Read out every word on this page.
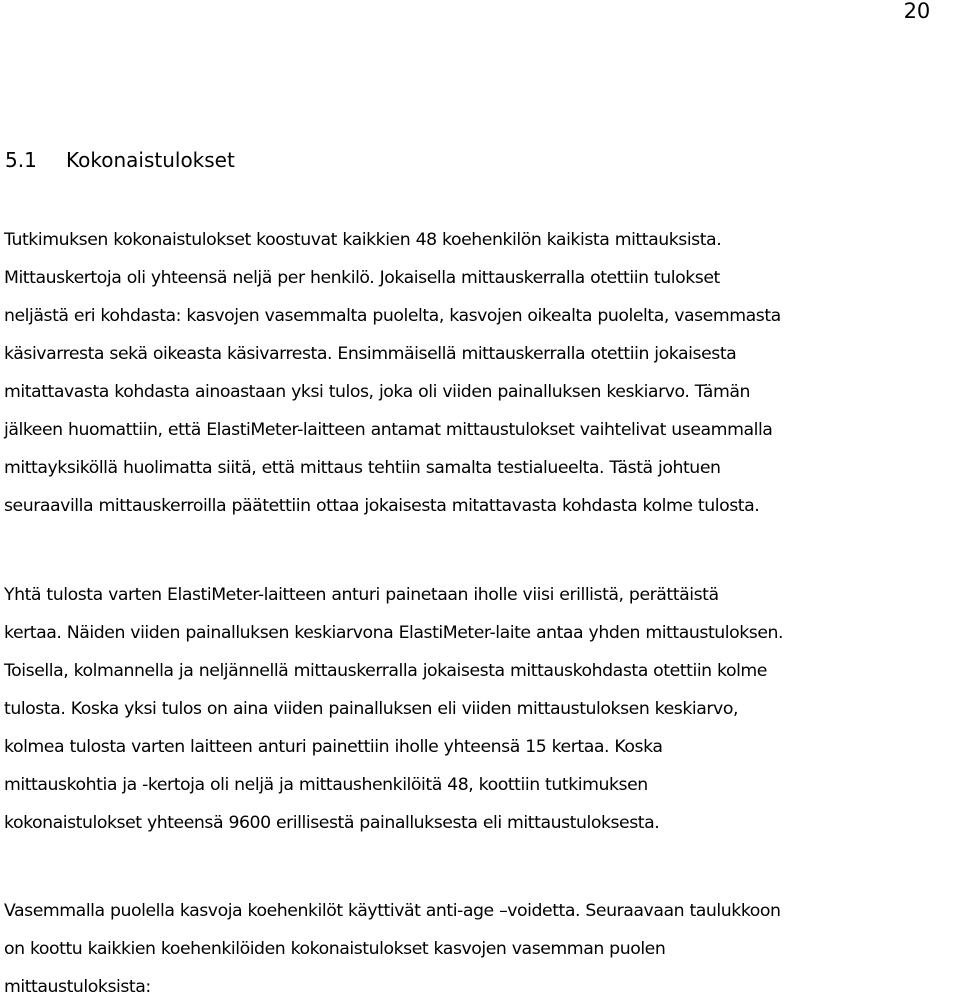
20
5.1 Kokonaistulokset
Tutkimuksen kokonaistulokset koostuvat kaikkien 48 koehenkilön kaikista mittauksista.
Mittauskertoja oli yhteensä neljä per henkilö. Jokaisella mittauskerralla otettiin tulokset
neljästä eri kohdasta: kasvojen vasemmalta puolelta, kasvojen oikealta puolelta, vasemmasta
käsivarresta sekä oikeasta käsivarresta. Ensimmäisellä mittauskerralla otettiin jokaisesta
mitattavasta kohdasta ainoastaan yksi tulos, joka oli viiden painalluksen keskiarvo. Tämän
jälkeen huomattiin, että ElastiMeter-laitteen antamat mittaustulokset vaihtelivat useammalla
mittayksiköllä huolimatta siitä, että mittaus tehtiin samalta testialueelta. Tästä johtuen
seuraavilla mittauskerroilla päätettiin ottaa jokaisesta mitattavasta kohdasta kolme tulosta.
Yhtä tulosta varten ElastiMeter-laitteen anturi painetaan iholle viisi erillistä, perättäistä
kertaa. Näiden viiden painalluksen keskiarvona ElastiMeter-laite antaa yhden mittaustuloksen.
Toisella, kolmannella ja neljännellä mittauskerralla jokaisesta mittauskohdasta otettiin kolme
tulosta. Koska yksi tulos on aina viiden painalluksen eli viiden mittaustuloksen keskiarvo,
kolmea tulosta varten laitteen anturi painettiin iholle yhteensä 15 kertaa. Koska
mittauskohtia ja -kertoja oli neljä ja mittaushenkilöitä 48, koottiin tutkimuksen
kokonaistulokset yhteensä 9600 erillisestä painalluksesta eli mittaustuloksesta.
Vasemmalla puolella kasvoja koehenkilöt käyttivät anti-age –voidetta. Seuraavaan taulukkoon
on koottu kaikkien koehenkilöiden kokonaistulokset kasvojen vasemman puolen
mittaustuloksista:
